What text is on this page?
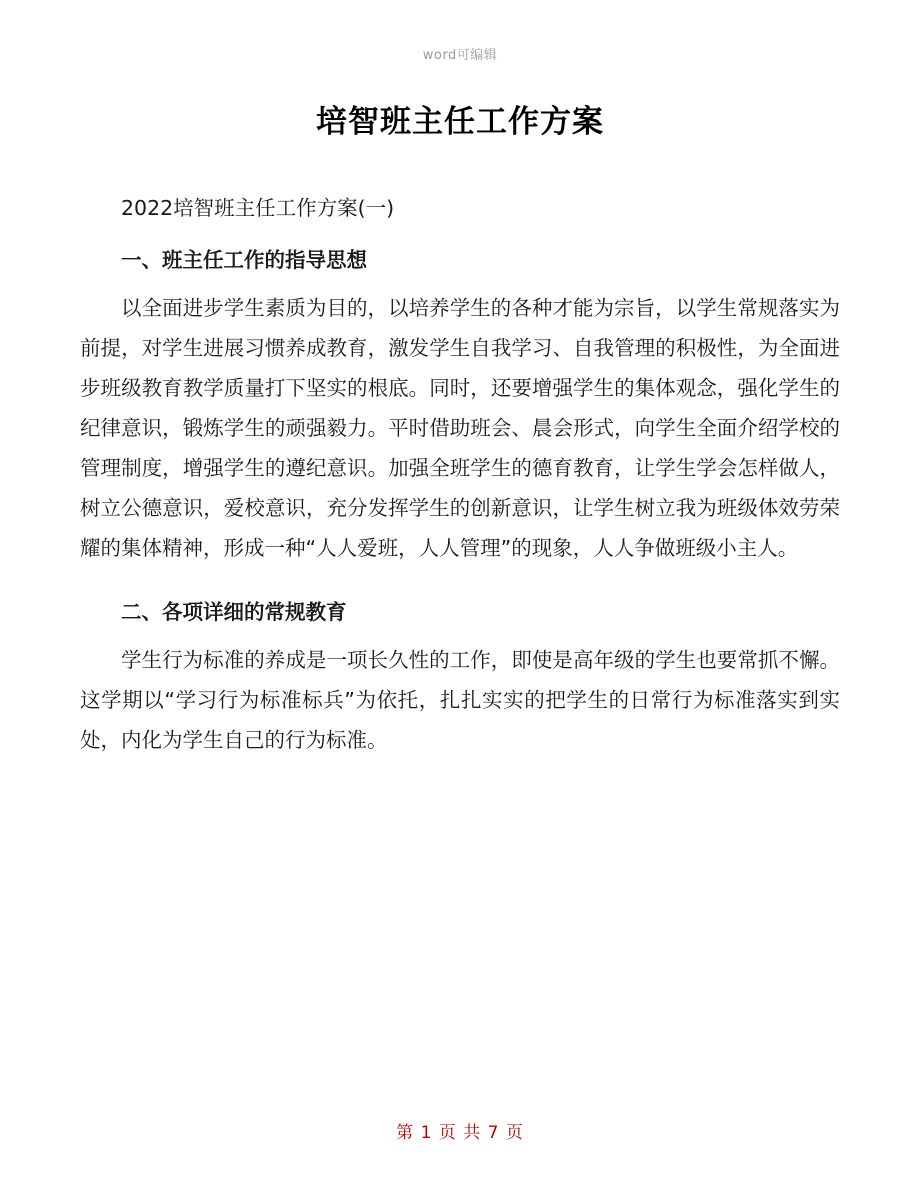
word可编辑
培智班主任工作方案

2022培智班主任工作方案(一)

一、班主任工作的指导思想

以全面进步学生素质为目的，以培养学生的各种才能为宗旨，以学生常规落实为前提，对学生进展习惯养成教育，激发学生自我学习、自我管理的积极性，为全面进步班级教育教学质量打下坚实的根底。同时，还要增强学生的集体观念，强化学生的纪律意识，锻炼学生的顽强毅力。平时借助班会、晨会形式，向学生全面介绍学校的管理制度，增强学生的遵纪意识。加强全班学生的德育教育，让学生学会怎样做人，树立公德意识，爱校意识，充分发挥学生的创新意识，让学生树立我为班级体效劳荣耀的集体精神，形成一种“人人爱班，人人管理”的现象，人人争做班级小主人。

二、各项详细的常规教育

学生行为标准的养成是一项长久性的工作，即使是高年级的学生也要常抓不懈。这学期以“学习行为标准标兵”为依托，扎扎实实的把学生的日常行为标准落实到实处，内化为学生自己的行为标准。

第 1 页 共 7 页
